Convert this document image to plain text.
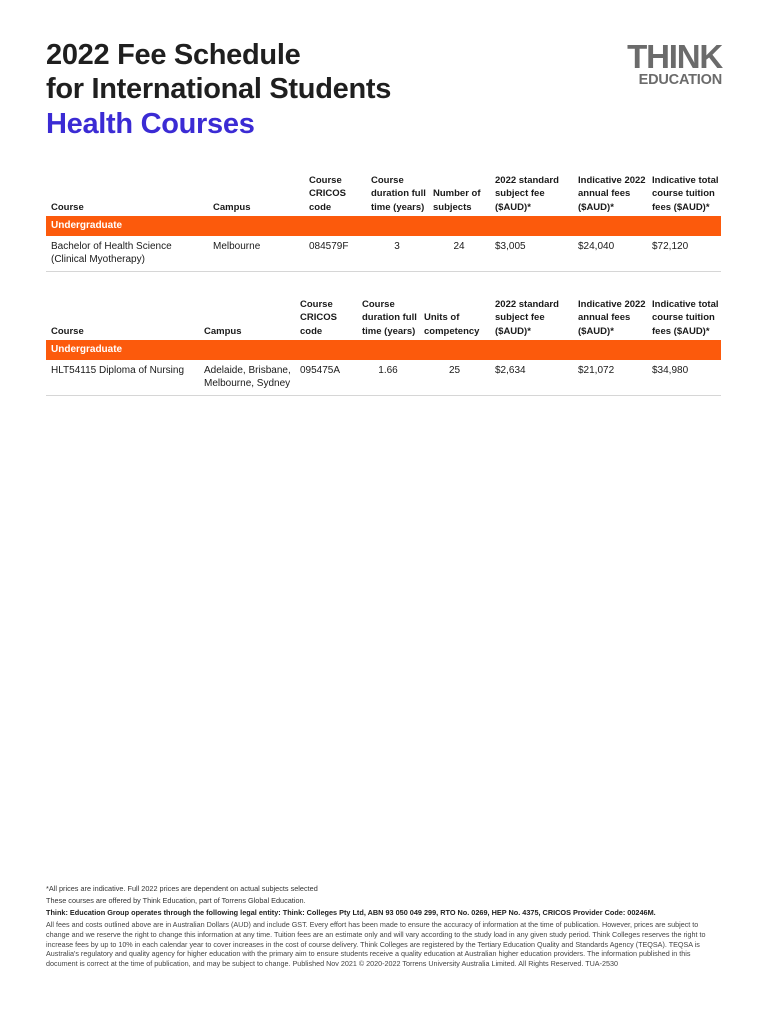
2022 Fee Schedule
for International Students
Health Courses
THINK
EDUCATION
Course	Campus	Course CRICOS code	Course duration full time (years)	Number of subjects	2022 standard subject fee ($AUD)*	Indicative 2022 annual fees ($AUD)*	Indicative total course tuition fees ($AUD)*
Undergraduate							
Bachelor of Health Science (Clinical Myotherapy)	Melbourne	084579F	3	24	$3,005	$24,040	$72,120
Course	Campus	Course CRICOS code	Course duration full time (years)	Units of competency	2022 standard subject fee ($AUD)*	Indicative 2022 annual fees ($AUD)*	Indicative total course tuition fees ($AUD)*
Undergraduate							
HLT54115 Diploma of Nursing	Adelaide, Brisbane, Melbourne, Sydney	095475A	1.66	25	$2,634	$21,072	$34,980
*All prices are indicative. Full 2022 prices are dependent on actual subjects selected
These courses are offered by Think Education, part of Torrens Global Education.
Think: Education Group operates through the following legal entity: Think: Colleges Pty Ltd, ABN 93 050 049 299, RTO No. 0269, HEP No. 4375, CRICOS Provider Code: 00246M.
All fees and costs outlined above are in Australian Dollars (AUD) and include GST. Every effort has been made to ensure the accuracy of information at the time of publication. However, prices are subject to change and we reserve the right to change this information at any time. Tuition fees are an estimate only and will vary according to the study load in any given study period. Think Colleges reserves the right to increase fees by up to 10% in each calendar year to cover increases in the cost of course delivery. Think Colleges are registered by the Tertiary Education Quality and Standards Agency (TEQSA). TEQSA is Australia's regulatory and quality agency for higher education with the primary aim to ensure students receive a quality education at Australian higher education providers. The information published in this document is correct at the time of publication, and may be subject to change. Published Nov 2021 © 2020-2022 Torrens University Australia Limited. All Rights Reserved. TUA-2530
